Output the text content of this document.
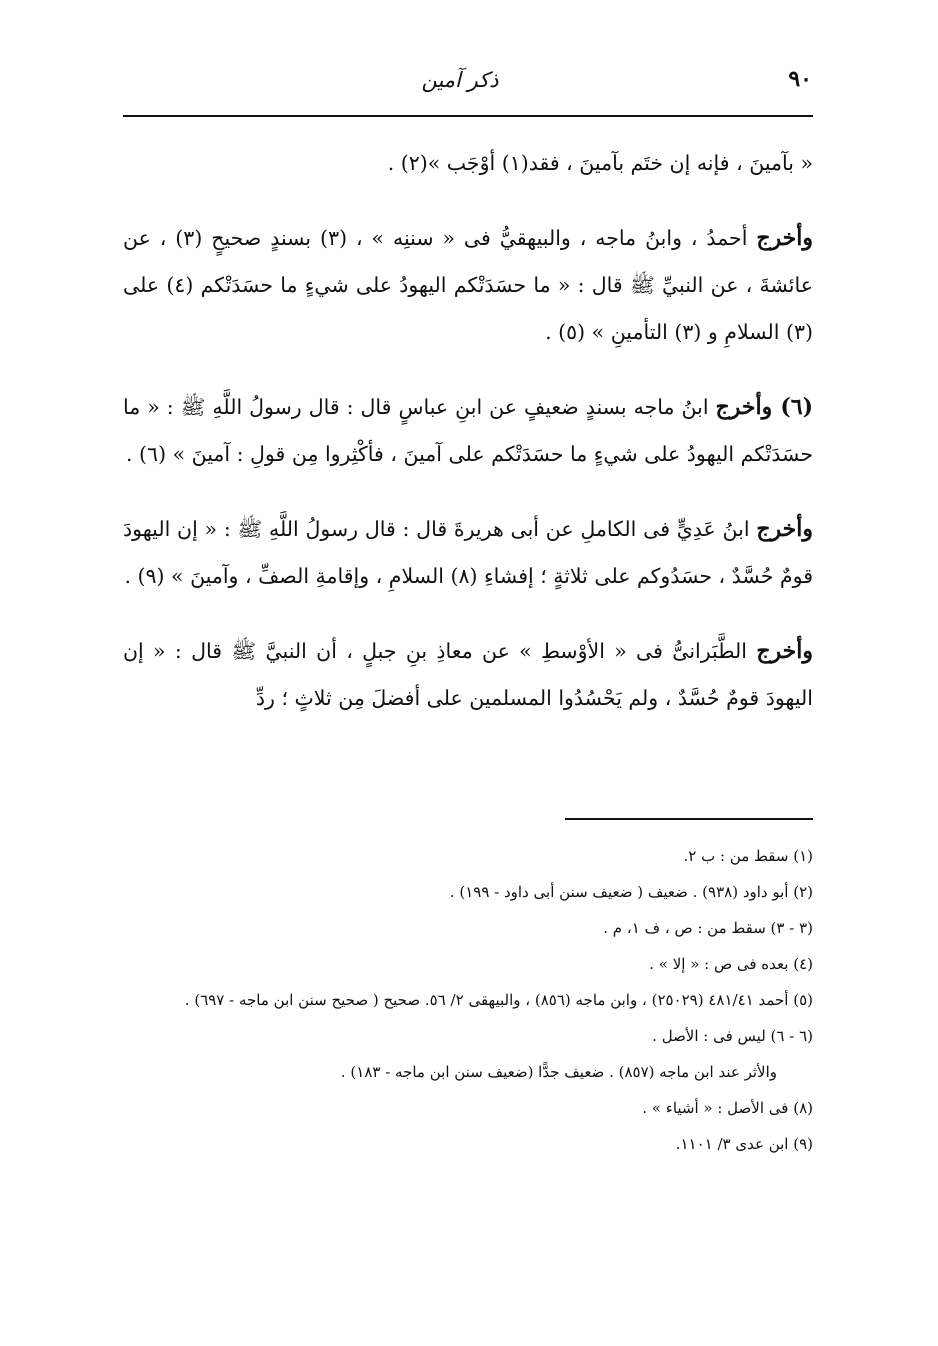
ذكر آمين	٩٠

« بآمينَ ، فإنه إن ختَم بآمينَ ، فقد(١) أوْجَب »(٢) .

وأخرج أحمدُ ، وابنُ ماجه ، والبيهقيُّ فى « سننِه » ، (٣) بسندٍ صحيحٍ (٣) ، عن عائشةَ ، عن النبيِّ ﷺ قال : « ما حسَدَتْكم اليهودُ على شيءٍ ما حسَدَتْكم (٤) على (٣) السلامِ و (٣) التأمينِ » (٥) .

(٦) وأخرج ابنُ ماجه بسندٍ ضعيفٍ عن ابنِ عباسٍ قال : قال رسولُ اللَّهِ ﷺ : « ما حسَدَتْكم اليهودُ على شيءٍ ما حسَدَتْكم على آمينَ ، فأكْثِروا مِن قولِ : آمينَ » (٦) .

وأخرج ابنُ عَدِيٍّ فى الكاملِ عن أبى هريرةَ قال : قال رسولُ اللَّهِ ﷺ : « إن اليهودَ قومٌ حُسَّدٌ ، حسَدُوكم على ثلاثةٍ ؛ إفشاءِ (٨) السلامِ ، وإقامةِ الصفِّ ، وآمينَ » (٩) .

وأخرج الطَّبَرانىُّ فى « الأوْسطِ » عن معاذِ بنِ جبلٍ ، أن النبيَّ ﷺ قال : « إن اليهودَ قومٌ حُسَّدٌ ، ولم يَحْسُدُوا المسلمين على أفضلَ مِن ثلاثٍ ؛ ردِّ

(١) سقط من : ب ٢.

(٢) أبو داود (٩٣٨) . ضعيف ( ضعيف سنن أبى داود - ١٩٩) .

(٣ - ٣) سقط من : ص ، ف ١، م .

(٤) بعده فى ص : « إلا » .

(٥) أحمد ٤٨١/٤١ (٢٥٠٢٩) ، وابن ماجه (٨٥٦) ، والبيهقى ٢/ ٥٦. صحيح ( صحيح سنن ابن ماجه - ٦٩٧) .

(٦ - ٦) ليس فى : الأصل .

والأثر عند ابن ماجه (٨٥٧) . ضعيف جدًّا (ضعيف سنن ابن ماجه - ١٨٣) .

(٨) فى الأصل : « أشياء » .

(٩) ابن عدى ٣/ ١١٠١.
